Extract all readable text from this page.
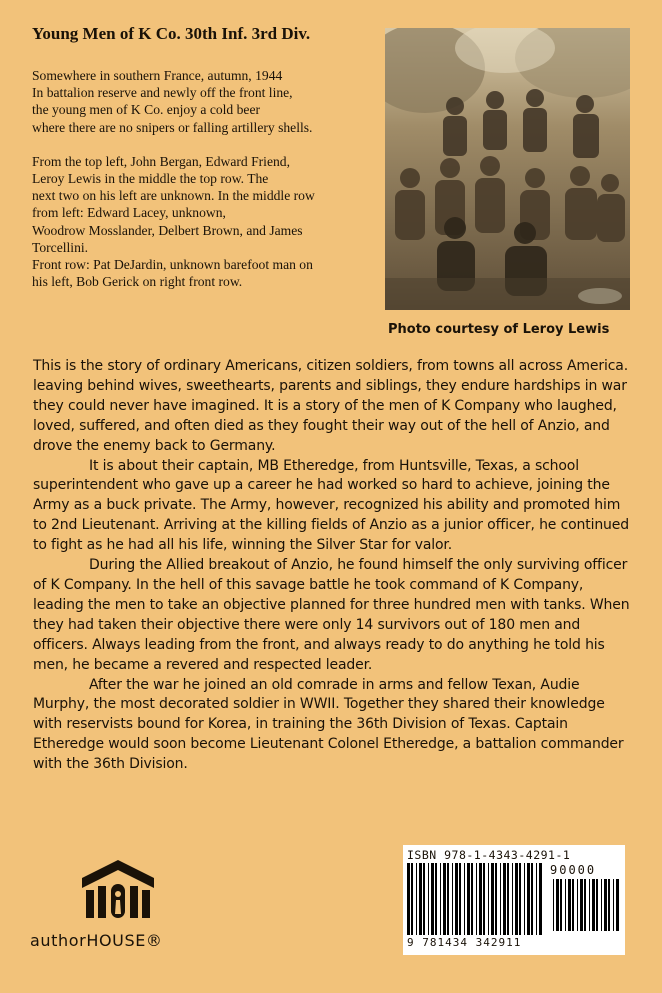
Young Men of K Co. 30th Inf. 3rd Div.

Somewhere in southern France, autumn, 1944

In battalion reserve and newly off the front line,

the young men of K Co. enjoy a cold beer

where there are no snipers or falling artillery shells.

From the top left, John Bergan, Edward Friend,

Leroy Lewis in the middle the top row. The

next two on his left are unknown. In the middle row

from left: Edward Lacey, unknown,

Woodrow Mosslander, Delbert Brown, and James

Torcellini.

Front row: Pat DeJardin, unknown barefoot man on

his left, Bob Gerick on right front row.

Photo courtesy of Leroy Lewis

This is the story of ordinary Americans, citizen soldiers, from towns all across America. leaving behind wives, sweethearts, parents and siblings, they endure hardships in war they could never have imagined. It is a story of the men of K Company who laughed, loved, suffered, and often died as they fought their way out of the hell of Anzio, and drove the enemy back to Germany.

It is about their captain, MB Etheredge, from Huntsville, Texas, a school superintendent who gave up a career he had worked so hard to achieve, joining the Army as a buck private. The Army, however, recognized his ability and promoted him to 2nd Lieutenant. Arriving at the killing fields of Anzio as a junior officer, he continued to fight as he had all his life, winning the Silver Star for valor.

During the Allied breakout of Anzio, he found himself the only surviving officer of K Company. In the hell of this savage battle he took command of K Company, leading the men to take an objective planned for three hundred men with tanks. When they had taken their objective there were only 14 survivors out of 180 men and officers. Always leading from the front, and always ready to do anything he told his men, he became a revered and respected leader.

After the war he joined an old comrade in arms and fellow Texan, Audie Murphy, the most decorated soldier in WWII. Together they shared their knowledge with reservists bound for Korea, in training the 36th Division of Texas. Captain Etheredge would soon become Lieutenant Colonel Etheredge, a battalion commander with the 36th Division.

authorHOUSE®
ISBN 978-1-4343-4291-1
90000
9 781434 342911
